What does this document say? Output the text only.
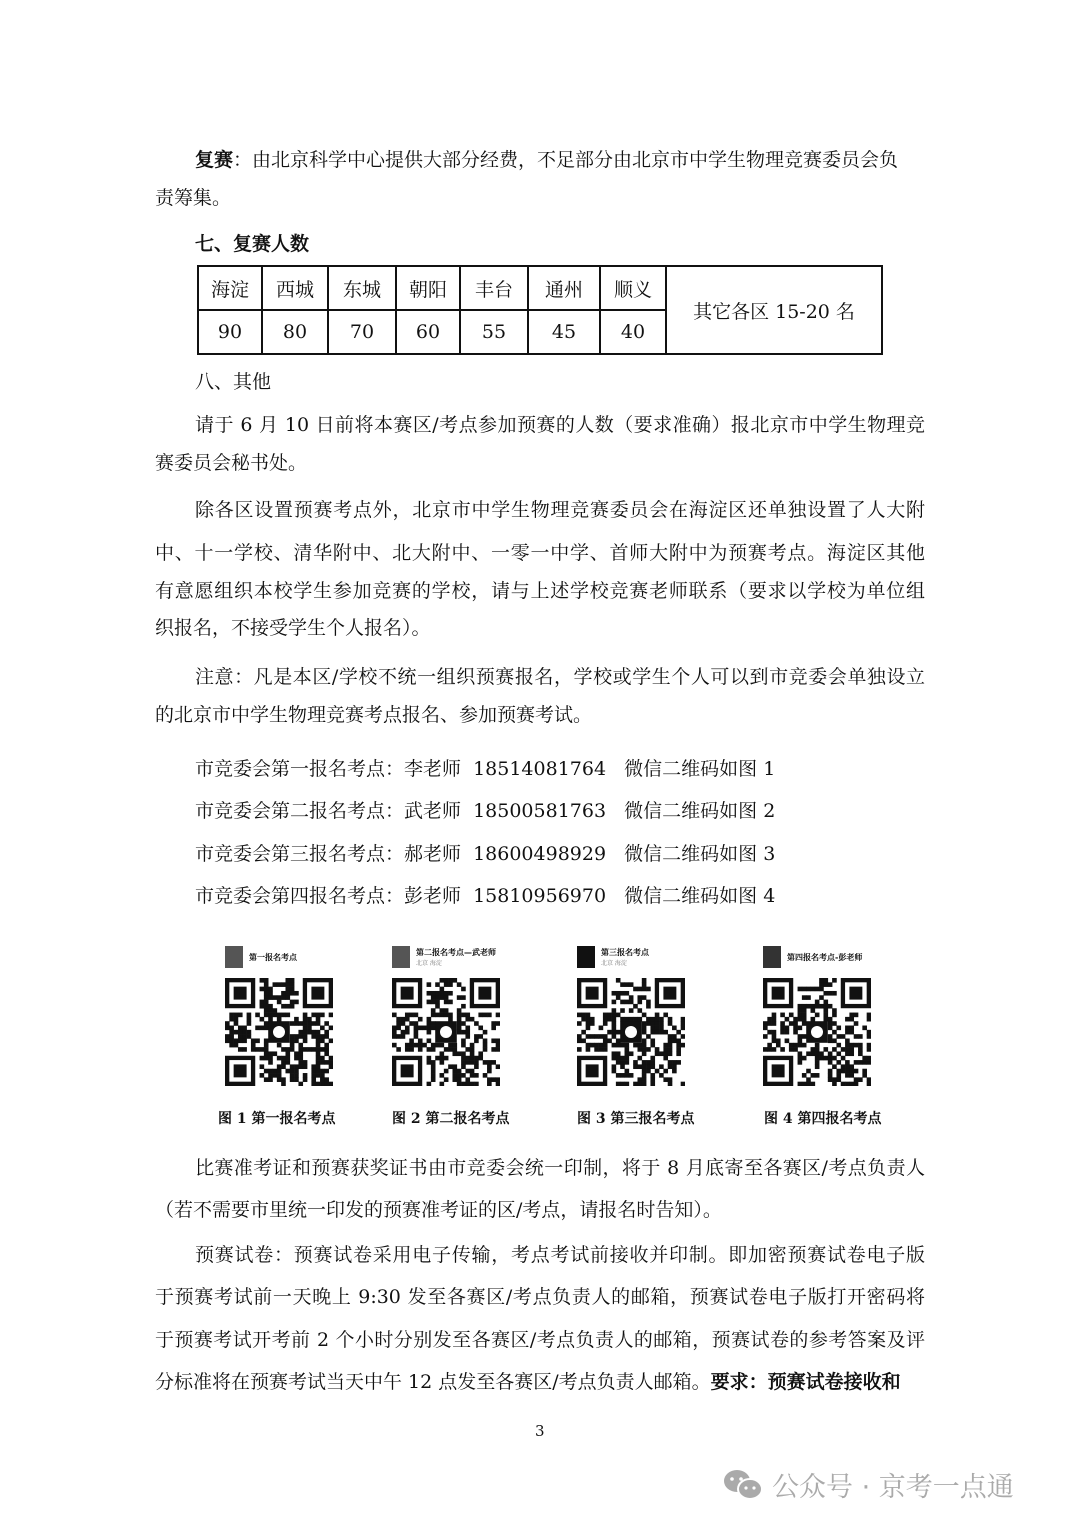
复赛：由北京科学中心提供大部分经费，不足部分由北京市中学生物理竞赛委员会负
责筹集。
七、复赛人数
海淀	西城	东城	朝阳	丰台	通州	顺义	其它各区 15-20 名
90	80	70	60	55	45	40	
八、其他
请于 6 月 10 日前将本赛区/考点参加预赛的人数（要求准确）报北京市中学生物理竞
赛委员会秘书处。
除各区设置预赛考点外，北京市中学生物理竞赛委员会在海淀区还单独设置了人大附
中、十一学校、清华附中、北大附中、一零一中学、首师大附中为预赛考点。海淀区其他
有意愿组织本校学生参加竞赛的学校，请与上述学校竞赛老师联系（要求以学校为单位组
织报名，不接受学生个人报名）。
注意：凡是本区/学校不统一组织预赛报名，学校或学生个人可以到市竞委会单独设立
的北京市中学生物理竞赛考点报名、参加预赛考试。
市竞委会第一报名考点：李老师  18514081764   微信二维码如图 1
市竞委会第二报名考点：武老师  18500581763   微信二维码如图 2
市竞委会第三报名考点：郝老师  18600498929   微信二维码如图 3
市竞委会第四报名考点：彭老师  15810956970   微信二维码如图 4
第一报名考点	第二报名考点—武老师
北京 海淀
第三报名考点
北京 海淀
第四报名考点-彭老师
图 1 第一报名考点	图 2 第二报名考点	图 3 第三报名考点	图 4 第四报名考点
比赛准考证和预赛获奖证书由市竞委会统一印制，将于 8 月底寄至各赛区/考点负责人
（若不需要市里统一印发的预赛准考证的区/考点，请报名时告知）。
预赛试卷：预赛试卷采用电子传输，考点考试前接收并印制。即加密预赛试卷电子版
于预赛考试前一天晚上 9:30 发至各赛区/考点负责人的邮箱，预赛试卷电子版打开密码将
于预赛考试开考前 2 个小时分别发至各赛区/考点负责人的邮箱，预赛试卷的参考答案及评
分标准将在预赛考试当天中午 12 点发至各赛区/考点负责人邮箱。要求：预赛试卷接收和
3
公众号 · 京考一点通
